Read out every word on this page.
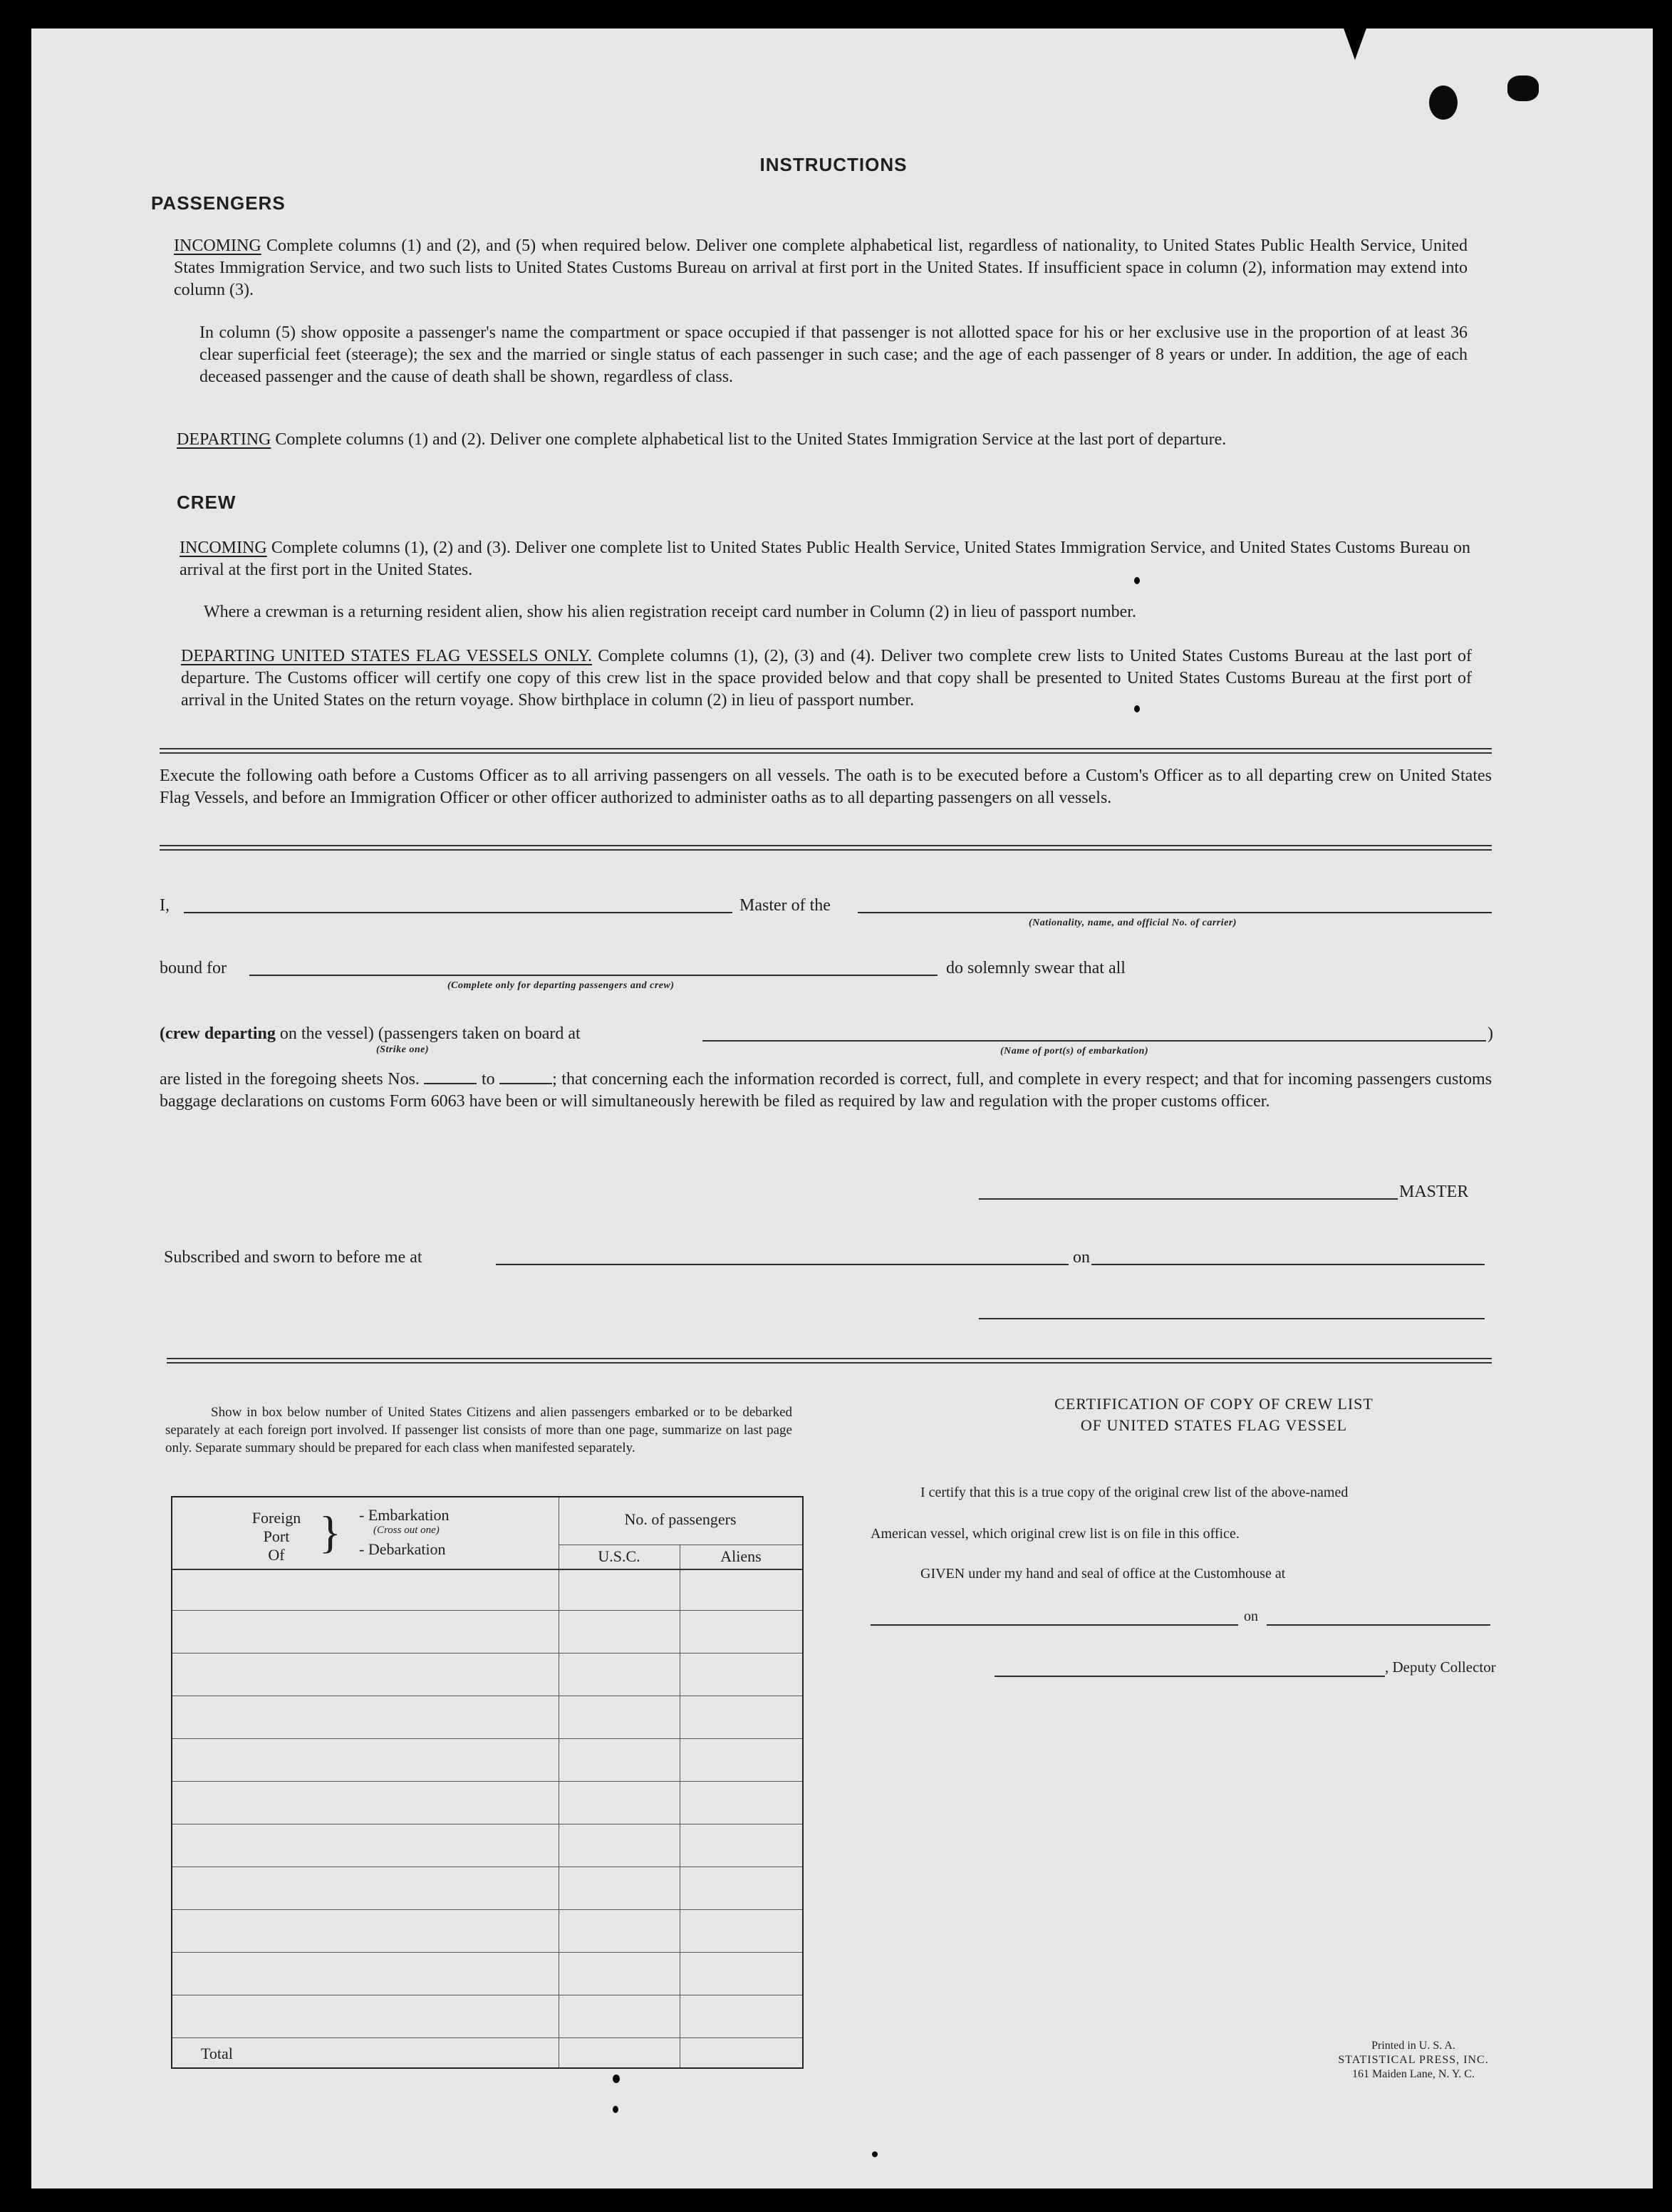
INSTRUCTIONS
PASSENGERS
INCOMING Complete columns (1) and (2), and (5) when required below. Deliver one complete alphabetical list, regardless of nationality, to United States Public Health Service, United States Immigration Service, and two such lists to United States Customs Bureau on arrival at first port in the United States. If insufficient space in column (2), information may extend into column (3).
In column (5) show opposite a passenger's name the compartment or space occupied if that passenger is not allotted space for his or her exclusive use in the proportion of at least 36 clear superficial feet (steerage); the sex and the married or single status of each passenger in such case; and the age of each passenger of 8 years or under. In addition, the age of each deceased passenger and the cause of death shall be shown, regardless of class.
DEPARTING Complete columns (1) and (2). Deliver one complete alphabetical list to the United States Immigration Service at the last port of departure.
CREW
INCOMING Complete columns (1), (2) and (3). Deliver one complete list to United States Public Health Service, United States Immigration Service, and United States Customs Bureau on arrival at the first port in the United States.
Where a crewman is a returning resident alien, show his alien registration receipt card number in Column (2) in lieu of passport number.
DEPARTING UNITED STATES FLAG VESSELS ONLY. Complete columns (1), (2), (3) and (4). Deliver two complete crew lists to United States Customs Bureau at the last port of departure. The Customs officer will certify one copy of this crew list in the space provided below and that copy shall be presented to United States Customs Bureau at the first port of arrival in the United States on the return voyage. Show birthplace in column (2) in lieu of passport number.
Execute the following oath before a Customs Officer as to all arriving passengers on all vessels. The oath is to be executed before a Custom's Officer as to all departing crew on United States Flag Vessels, and before an Immigration Officer or other officer authorized to administer oaths as to all departing passengers on all vessels.
I,	Master of the
(Nationality, name, and official No. of carrier)
bound for
(Complete only for departing passengers and crew)
do solemnly swear that all
(crew departing on the vessel) (passengers taken on board at
(Strike one)
)
(Name of port(s) of embarkation)
are listed in the foregoing sheets Nos.	to	; that concerning each the information recorded is correct, full, and complete in every respect; and that for incoming passengers customs baggage declarations on customs Form 6063 have been or will simultaneously herewith be filed as required by law and regulation with the proper customs officer.
MASTER
Subscribed and sworn to before me at	on
Show in box below number of United States Citizens and alien passengers embarked or to be debarked separately at each foreign port involved. If passenger list consists of more than one page, summarize on last page only. Separate summary should be prepared for each class when manifested separately.
Foreign
Port
Of } - Embarkation
(Cross out one)
- Debarkation
No. of passengers
U.S.C.	Aliens
Total
CERTIFICATION OF COPY OF CREW LIST
OF UNITED STATES FLAG VESSEL
I certify that this is a true copy of the original crew list of the above-named
American vessel, which original crew list is on file in this office.
GIVEN under my hand and seal of office at the Customhouse at
on
, Deputy Collector
Printed in U. S. A.
STATISTICAL PRESS, INC.
161 Maiden Lane, N. Y. C.
